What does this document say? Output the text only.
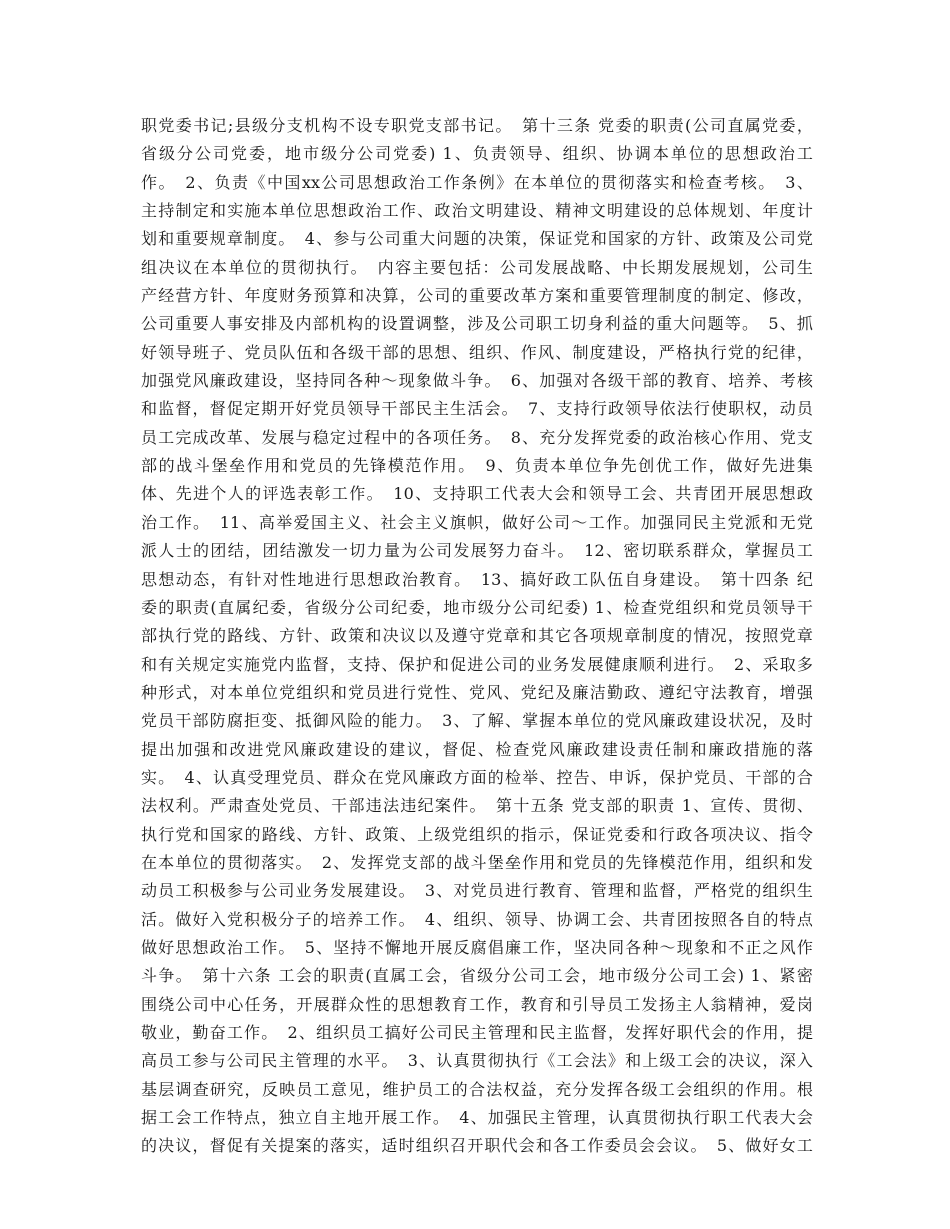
职党委书记;县级分支机构不设专职党支部书记。　第十三条 党委的职责(公司直属党委，
省级分公司党委，地市级分公司党委) 1、负责领导、组织、协调本单位的思想政治工
作。　2、负责《中国xx公司思想政治工作条例》在本单位的贯彻落实和检查考核。　3、
主持制定和实施本单位思想政治工作、政治文明建设、精神文明建设的总体规划、年度计
划和重要规章制度。　4、参与公司重大问题的决策，保证党和国家的方针、政策及公司党
组决议在本单位的贯彻执行。　内容主要包括：公司发展战略、中长期发展规划，公司生
产经营方针、年度财务预算和决算，公司的重要改革方案和重要管理制度的制定、修改，
公司重要人事安排及内部机构的设置调整，涉及公司职工切身利益的重大问题等。　5、抓
好领导班子、党员队伍和各级干部的思想、组织、作风、制度建设，严格执行党的纪律，
加强党风廉政建设，坚持同各种～现象做斗争。　6、加强对各级干部的教育、培养、考核
和监督，督促定期开好党员领导干部民主生活会。　7、支持行政领导依法行使职权，动员
员工完成改革、发展与稳定过程中的各项任务。　8、充分发挥党委的政治核心作用、党支
部的战斗堡垒作用和党员的先锋模范作用。　9、负责本单位争先创优工作，做好先进集
体、先进个人的评选表彰工作。　10、支持职工代表大会和领导工会、共青团开展思想政
治工作。　11、高举爱国主义、社会主义旗帜，做好公司～工作。加强同民主党派和无党
派人士的团结，团结激发一切力量为公司发展努力奋斗。　12、密切联系群众，掌握员工
思想动态，有针对性地进行思想政治教育。　13、搞好政工队伍自身建设。　第十四条 纪
委的职责(直属纪委，省级分公司纪委，地市级分公司纪委) 1、检查党组织和党员领导干
部执行党的路线、方针、政策和决议以及遵守党章和其它各项规章制度的情况，按照党章
和有关规定实施党内监督，支持、保护和促进公司的业务发展健康顺利进行。　2、采取多
种形式，对本单位党组织和党员进行党性、党风、党纪及廉洁勤政、遵纪守法教育，增强
党员干部防腐拒变、抵御风险的能力。　3、了解、掌握本单位的党风廉政建设状况，及时
提出加强和改进党风廉政建设的建议，督促、检查党风廉政建设责任制和廉政措施的落
实。　4、认真受理党员、群众在党风廉政方面的检举、控告、申诉，保护党员、干部的合
法权利。严肃查处党员、干部违法违纪案件。　第十五条 党支部的职责 1、宣传、贯彻、
执行党和国家的路线、方针、政策、上级党组织的指示，保证党委和行政各项决议、指令
在本单位的贯彻落实。　2、发挥党支部的战斗堡垒作用和党员的先锋模范作用，组织和发
动员工积极参与公司业务发展建设。　3、对党员进行教育、管理和监督，严格党的组织生
活。做好入党积极分子的培养工作。　4、组织、领导、协调工会、共青团按照各自的特点
做好思想政治工作。　5、坚持不懈地开展反腐倡廉工作，坚决同各种～现象和不正之风作
斗争。　第十六条 工会的职责(直属工会，省级分公司工会，地市级分公司工会) 1、紧密
围绕公司中心任务，开展群众性的思想教育工作，教育和引导员工发扬主人翁精神，爱岗
敬业，勤奋工作。　2、组织员工搞好公司民主管理和民主监督，发挥好职代会的作用，提
高员工参与公司民主管理的水平。　3、认真贯彻执行《工会法》和上级工会的决议，深入
基层调查研究，反映员工意见，维护员工的合法权益，充分发挥各级工会组织的作用。根
据工会工作特点，独立自主地开展工作。　4、加强民主管理，认真贯彻执行职工代表大会
的决议，督促有关提案的落实，适时组织召开职代会和各工作委员会会议。　5、做好女工
